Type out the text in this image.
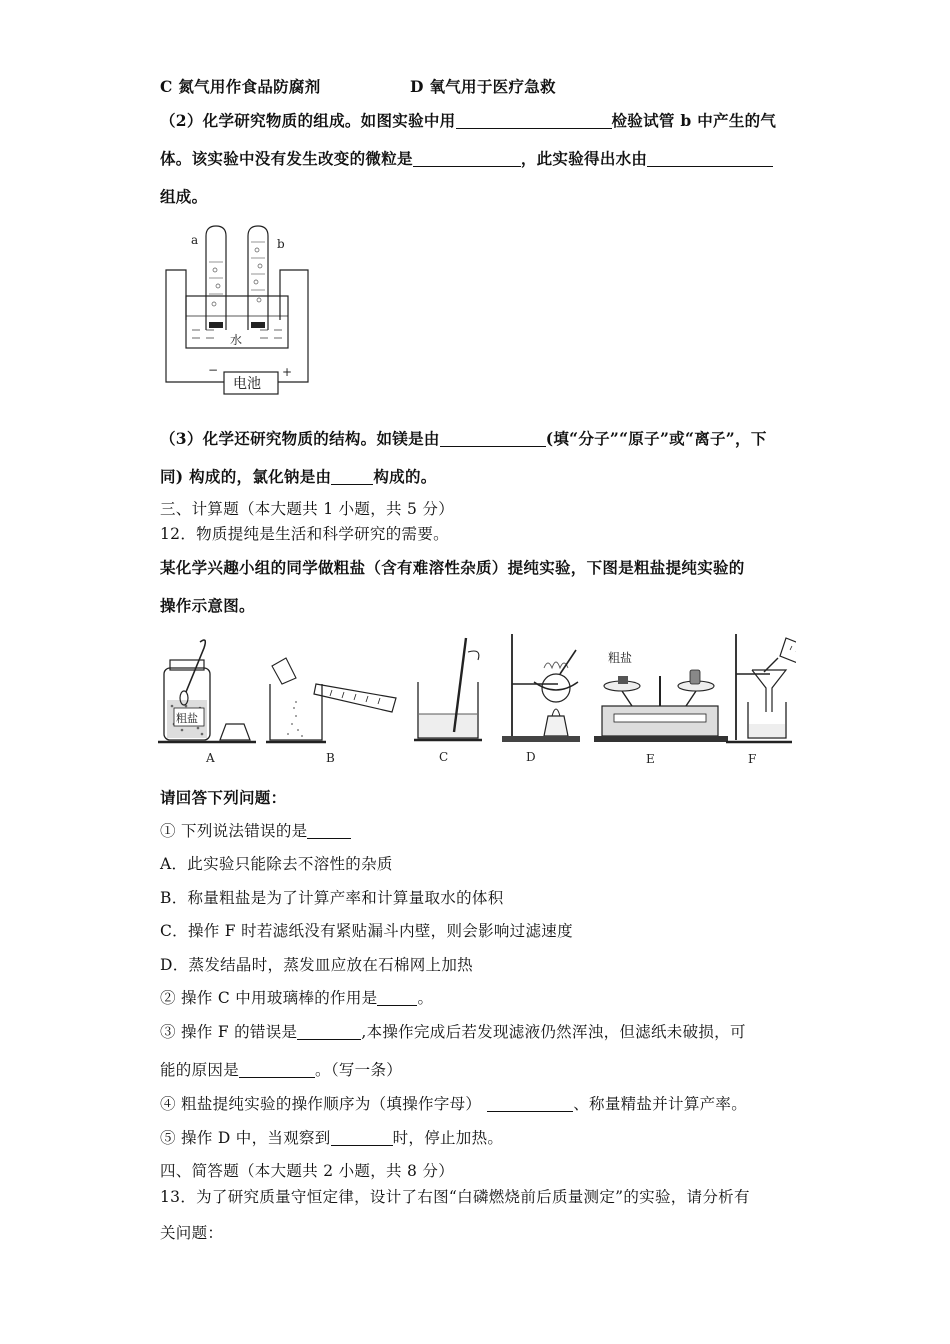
C 氮气用作食品防腐剂	D 氧气用于医疗急救
（2）化学研究物质的组成。如图实验中用	检验试管 b 中产生的气
体。该实验中没有发生改变的微粒是	，此实验得出水由
组成。
a	b
水
电池
−	+
（3）化学还研究物质的结构。如镁是由	(填“分子”“原子”或“离子”，下
同) 构成的，氯化钠是由	构成的。
三、计算题（本大题共 1 小题，共 5 分）
12．物质提纯是生活和科学研究的需要。
某化学兴趣小组的同学做粗盐（含有难溶性杂质）提纯实验，下图是粗盐提纯实验的
操作示意图。
粗盐
粗盐
A	B	C	D	E	F
请回答下列问题：
① 下列说法错误的是
A．此实验只能除去不溶性的杂质
B．称量粗盐是为了计算产率和计算量取水的体积
C．操作 F 时若滤纸没有紧贴漏斗内壁，则会影响过滤速度
D．蒸发结晶时，蒸发皿应放在石棉网上加热
② 操作 C 中用玻璃棒的作用是	。
③ 操作 F 的错误是	,本操作完成后若发现滤液仍然浑浊，但滤纸未破损，可
能的原因是	。（写一条）
④ 粗盐提纯实验的操作顺序为（填操作字母）	、称量精盐并计算产率。
⑤ 操作 D 中，当观察到	时，停止加热。
四、简答题（本大题共 2 小题，共 8 分）
13．为了研究质量守恒定律，设计了右图“白磷燃烧前后质量测定”的实验，请分析有
关问题：
